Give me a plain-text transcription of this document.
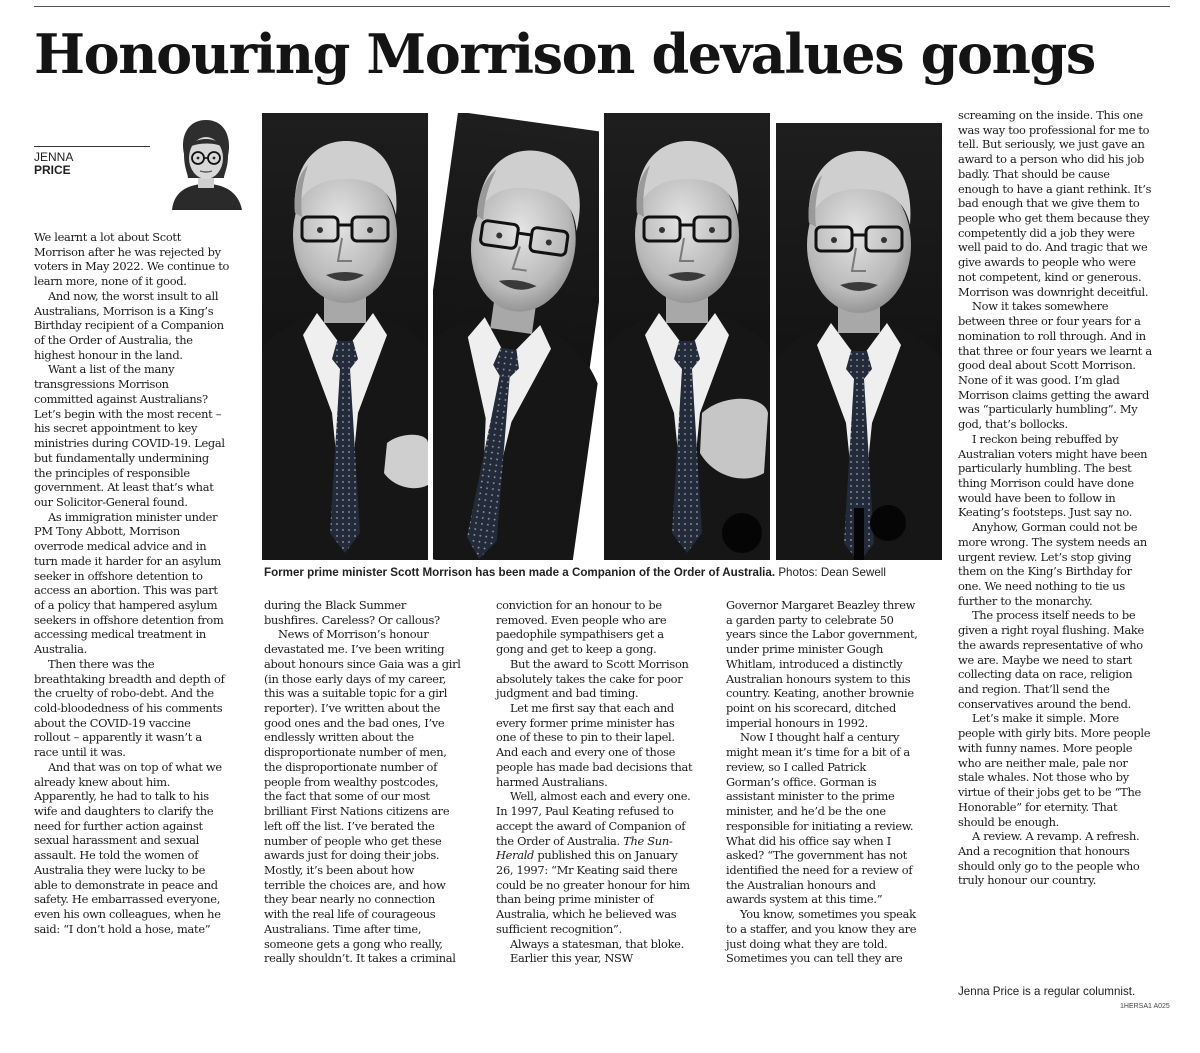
Honouring Morrison devalues gongs
JENNA
PRICE
Former prime minister Scott Morrison has been made a Companion of the Order of Australia. Photos: Dean Sewell

We learnt a lot about Scott
Morrison after he was rejected by
voters in May 2022. We continue to
learn more, none of it good.

And now, the worst insult to all
Australians, Morrison is a King’s
Birthday recipient of a Companion
of the Order of Australia, the
highest honour in the land.

Want a list of the many
transgressions Morrison
committed against Australians?
Let’s begin with the most recent –
his secret appointment to key
ministries during COVID-19. Legal
but fundamentally undermining
the principles of responsible
government. At least that’s what
our Solicitor-General found.

As immigration minister under
PM Tony Abbott, Morrison
overrode medical advice and in
turn made it harder for an asylum
seeker in offshore detention to
access an abortion. This was part
of a policy that hampered asylum
seekers in offshore detention from
accessing medical treatment in
Australia.

Then there was the
breathtaking breadth and depth of
the cruelty of robo-debt. And the
cold-bloodedness of his comments
about the COVID-19 vaccine
rollout – apparently it wasn’t a
race until it was.

And that was on top of what we
already knew about him.
Apparently, he had to talk to his
wife and daughters to clarify the
need for further action against
sexual harassment and sexual
assault. He told the women of
Australia they were lucky to be
able to demonstrate in peace and
safety. He embarrassed everyone,
even his own colleagues, when he
said: “I don’t hold a hose, mate”

during the Black Summer
bushfires. Careless? Or callous?

News of Morrison’s honour
devastated me. I’ve been writing
about honours since Gaia was a girl
(in those early days of my career,
this was a suitable topic for a girl
reporter). I’ve written about the
good ones and the bad ones, I’ve
endlessly written about the
disproportionate number of men,
the disproportionate number of
people from wealthy postcodes,
the fact that some of our most
brilliant First Nations citizens are
left off the list. I’ve berated the
number of people who get these
awards just for doing their jobs.
Mostly, it’s been about how
terrible the choices are, and how
they bear nearly no connection
with the real life of courageous
Australians. Time after time,
someone gets a gong who really,
really shouldn’t. It takes a criminal

conviction for an honour to be
removed. Even people who are
paedophile sympathisers get a
gong and get to keep a gong.

But the award to Scott Morrison
absolutely takes the cake for poor
judgment and bad timing.

Let me first say that each and
every former prime minister has
one of these to pin to their lapel.
And each and every one of those
people has made bad decisions that
harmed Australians.

Well, almost each and every one.
In 1997, Paul Keating refused to
accept the award of Companion of
the Order of Australia. The Sun-
Herald published this on January
26, 1997: “Mr Keating said there
could be no greater honour for him
than being prime minister of
Australia, which he believed was
sufficient recognition”.

Always a statesman, that bloke.

Earlier this year, NSW

Governor Margaret Beazley threw
a garden party to celebrate 50
years since the Labor government,
under prime minister Gough
Whitlam, introduced a distinctly
Australian honours system to this
country. Keating, another brownie
point on his scorecard, ditched
imperial honours in 1992.

Now I thought half a century
might mean it’s time for a bit of a
review, so I called Patrick
Gorman’s office. Gorman is
assistant minister to the prime
minister, and he’d be the one
responsible for initiating a review.
What did his office say when I
asked? “The government has not
identified the need for a review of
the Australian honours and
awards system at this time.”

You know, sometimes you speak
to a staffer, and you know they are
just doing what they are told.
Sometimes you can tell they are

screaming on the inside. This one
was way too professional for me to
tell. But seriously, we just gave an
award to a person who did his job
badly. That should be cause
enough to have a giant rethink. It’s
bad enough that we give them to
people who get them because they
competently did a job they were
well paid to do. And tragic that we
give awards to people who were
not competent, kind or generous.
Morrison was downright deceitful.

Now it takes somewhere
between three or four years for a
nomination to roll through. And in
that three or four years we learnt a
good deal about Scott Morrison.
None of it was good. I’m glad
Morrison claims getting the award
was “particularly humbling”. My
god, that’s bollocks.

I reckon being rebuffed by
Australian voters might have been
particularly humbling. The best
thing Morrison could have done
would have been to follow in
Keating’s footsteps. Just say no.

Anyhow, Gorman could not be
more wrong. The system needs an
urgent review. Let’s stop giving
them on the King’s Birthday for
one. We need nothing to tie us
further to the monarchy.

The process itself needs to be
given a right royal flushing. Make
the awards representative of who
we are. Maybe we need to start
collecting data on race, religion
and region. That’ll send the
conservatives around the bend.

Let’s make it simple. More
people with girly bits. More people
with funny names. More people
who are neither male, pale nor
stale whales. Not those who by
virtue of their jobs get to be “The
Honorable” for eternity. That
should be enough.

A review. A revamp. A refresh.
And a recognition that honours
should only go to the people who
truly honour our country.

Jenna Price is a regular columnist.
1HERSA1 A025
